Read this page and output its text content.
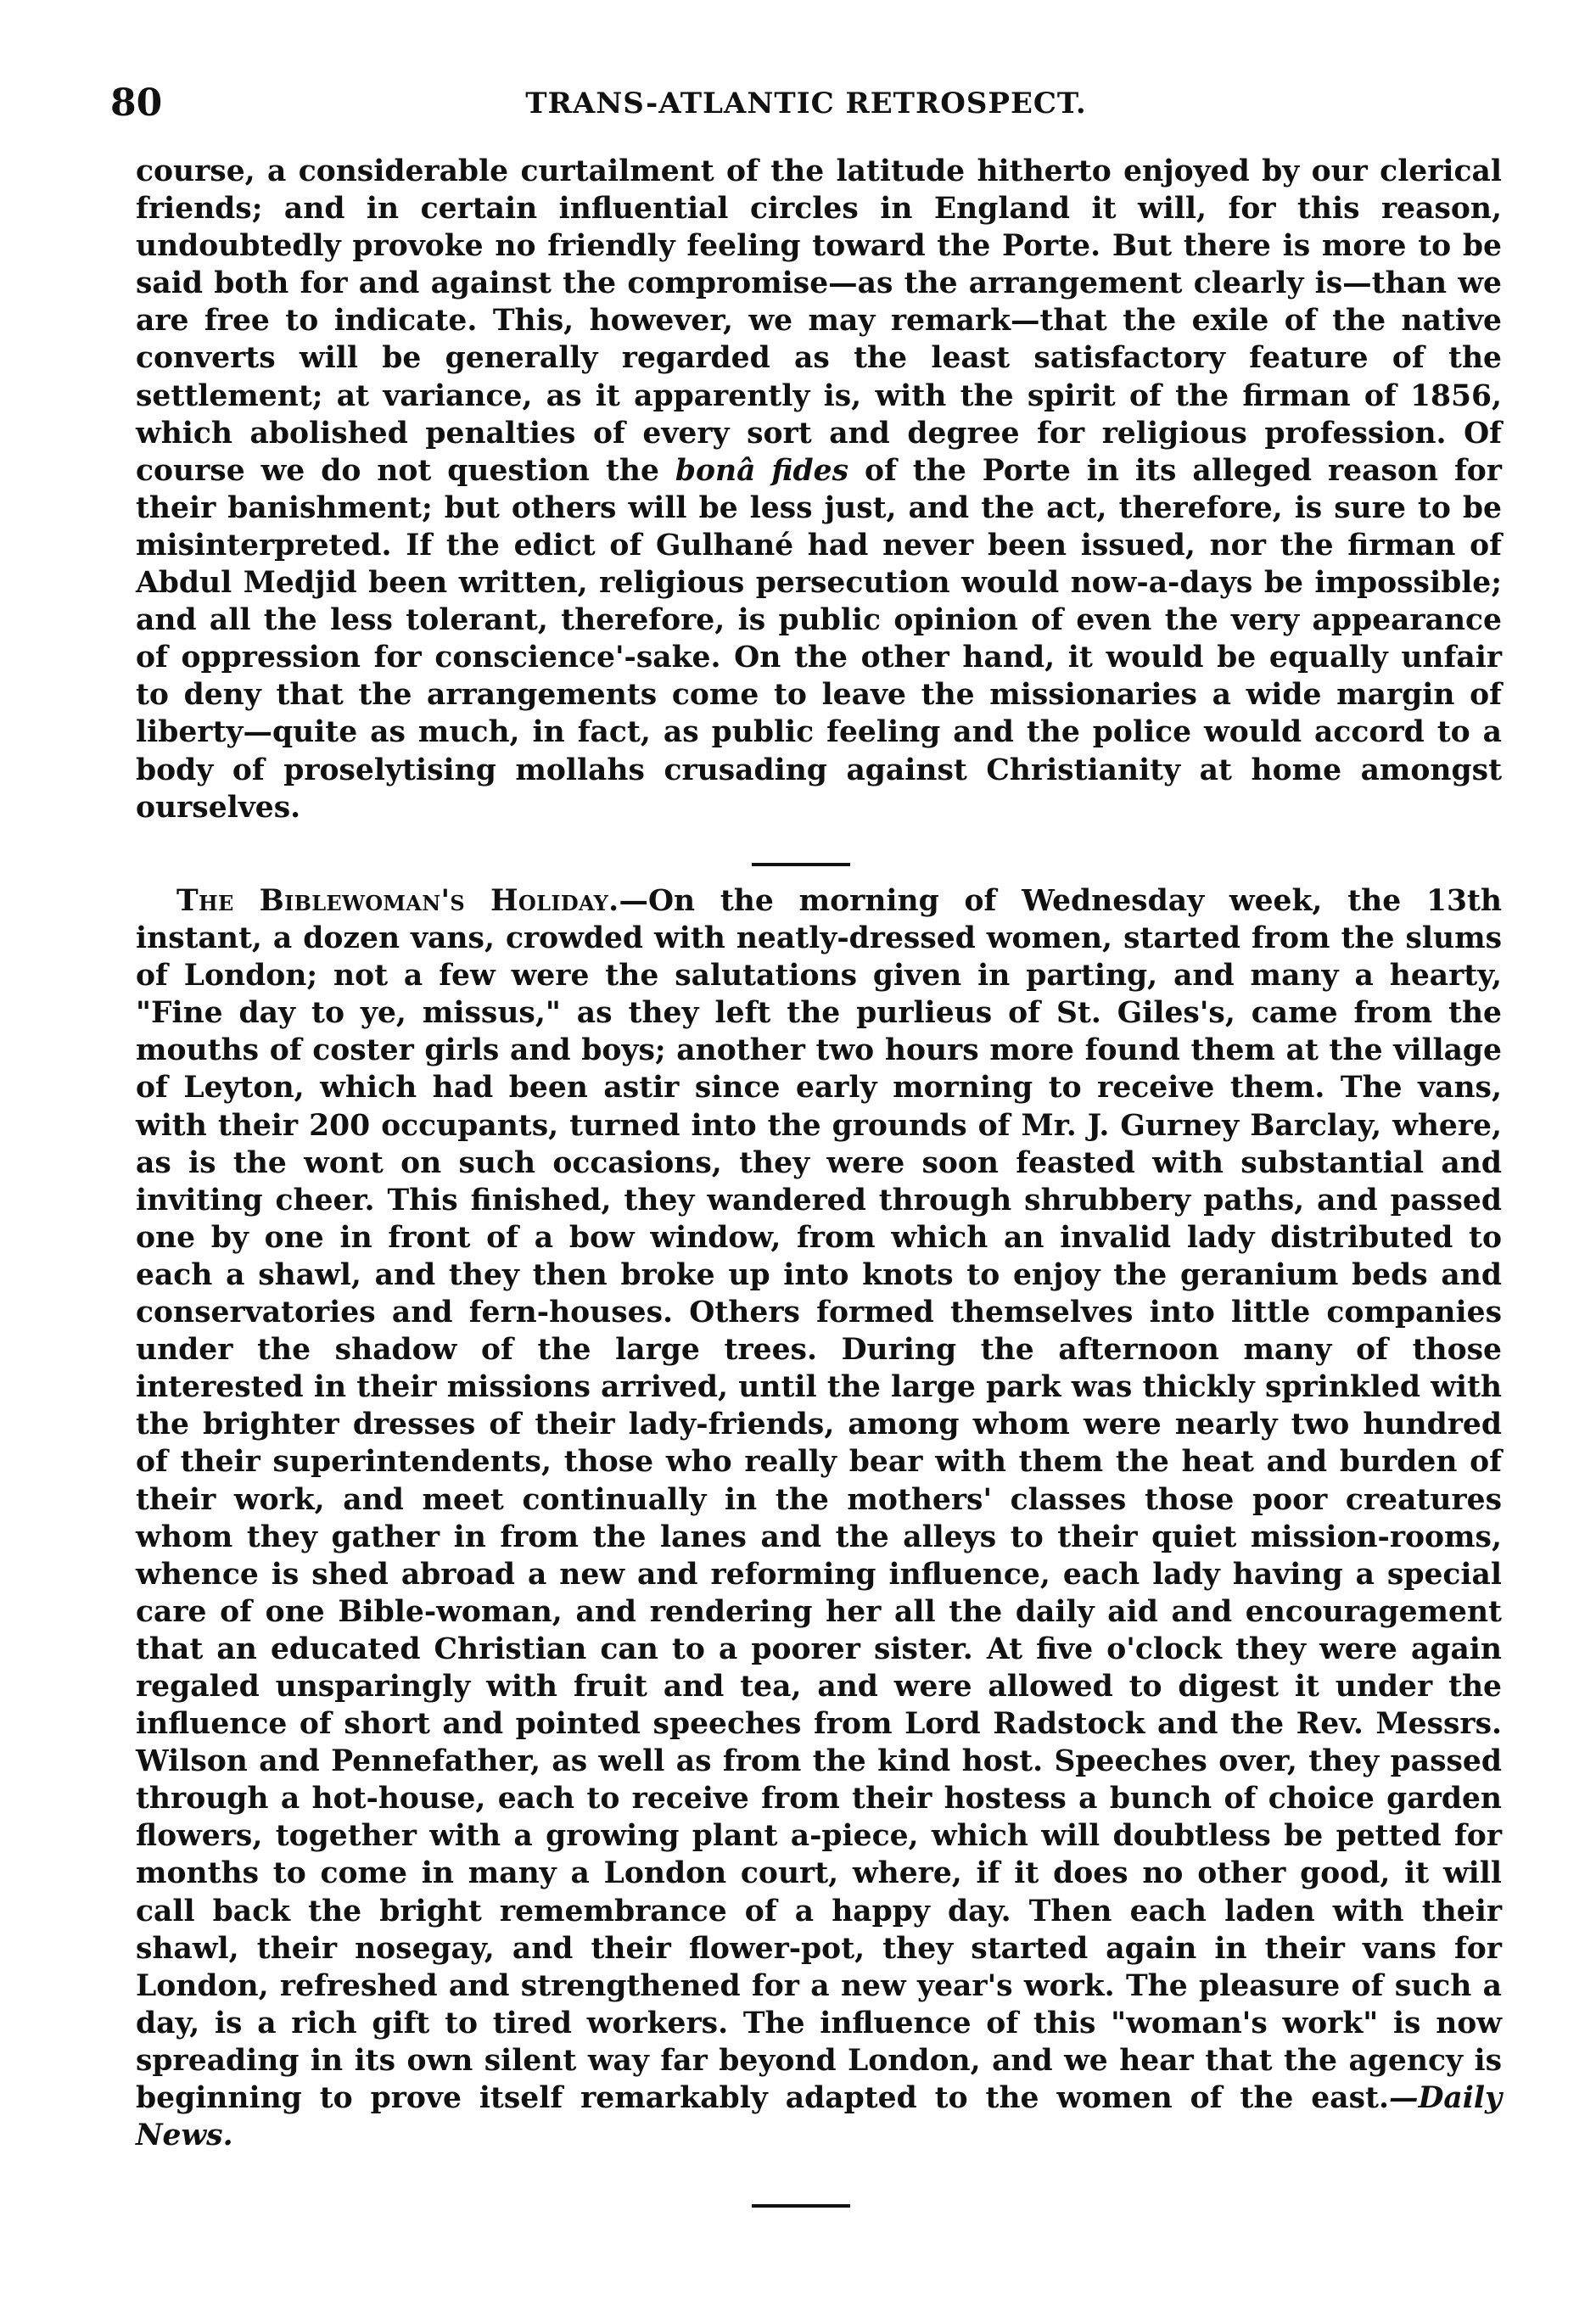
80	TRANS-ATLANTIC RETROSPECT.

course, a considerable curtailment of the latitude hitherto enjoyed by our clerical friends; and in certain influential circles in England it will, for this reason, undoubtedly provoke no friendly feeling toward the Porte. But there is more to be said both for and against the compromise—as the arrangement clearly is—than we are free to indicate. This, however, we may remark—that the exile of the native converts will be generally regarded as the least satisfactory feature of the settlement; at variance, as it apparently is, with the spirit of the firman of 1856, which abolished penalties of every sort and degree for religious profession. Of course we do not question the bonâ fides of the Porte in its alleged reason for their banishment; but others will be less just, and the act, therefore, is sure to be misinterpreted. If the edict of Gulhané had never been issued, nor the firman of Abdul Medjid been written, religious persecution would now-a-days be impossible; and all the less tolerant, therefore, is public opinion of even the very appearance of oppression for conscience'-sake. On the other hand, it would be equally unfair to deny that the arrangements come to leave the missionaries a wide margin of liberty—quite as much, in fact, as public feeling and the police would accord to a body of proselytising mollahs crusading against Christianity at home amongst ourselves.

The Biblewoman's Holiday.—On the morning of Wednesday week, the 13th instant, a dozen vans, crowded with neatly-dressed women, started from the slums of London; not a few were the salutations given in parting, and many a hearty, "Fine day to ye, missus," as they left the purlieus of St. Giles's, came from the mouths of coster girls and boys; another two hours more found them at the village of Leyton, which had been astir since early morning to receive them. The vans, with their 200 occupants, turned into the grounds of Mr. J. Gurney Barclay, where, as is the wont on such occasions, they were soon feasted with substantial and inviting cheer. This finished, they wandered through shrubbery paths, and passed one by one in front of a bow window, from which an invalid lady distributed to each a shawl, and they then broke up into knots to enjoy the geranium beds and conservatories and fern-houses. Others formed themselves into little companies under the shadow of the large trees. During the afternoon many of those interested in their missions arrived, until the large park was thickly sprinkled with the brighter dresses of their lady-friends, among whom were nearly two hundred of their superintendents, those who really bear with them the heat and burden of their work, and meet continually in the mothers' classes those poor creatures whom they gather in from the lanes and the alleys to their quiet mission-rooms, whence is shed abroad a new and reforming influence, each lady having a special care of one Bible-woman, and rendering her all the daily aid and encouragement that an educated Christian can to a poorer sister. At five o'clock they were again regaled unsparingly with fruit and tea, and were allowed to digest it under the influence of short and pointed speeches from Lord Radstock and the Rev. Messrs. Wilson and Pennefather, as well as from the kind host. Speeches over, they passed through a hot-house, each to receive from their hostess a bunch of choice garden flowers, together with a growing plant a-piece, which will doubtless be petted for months to come in many a London court, where, if it does no other good, it will call back the bright remembrance of a happy day. Then each laden with their shawl, their nosegay, and their flower-pot, they started again in their vans for London, refreshed and strengthened for a new year's work. The pleasure of such a day, is a rich gift to tired workers. The influence of this "woman's work" is now spreading in its own silent way far beyond London, and we hear that the agency is beginning to prove itself remarkably adapted to the women of the east.—Daily News.
